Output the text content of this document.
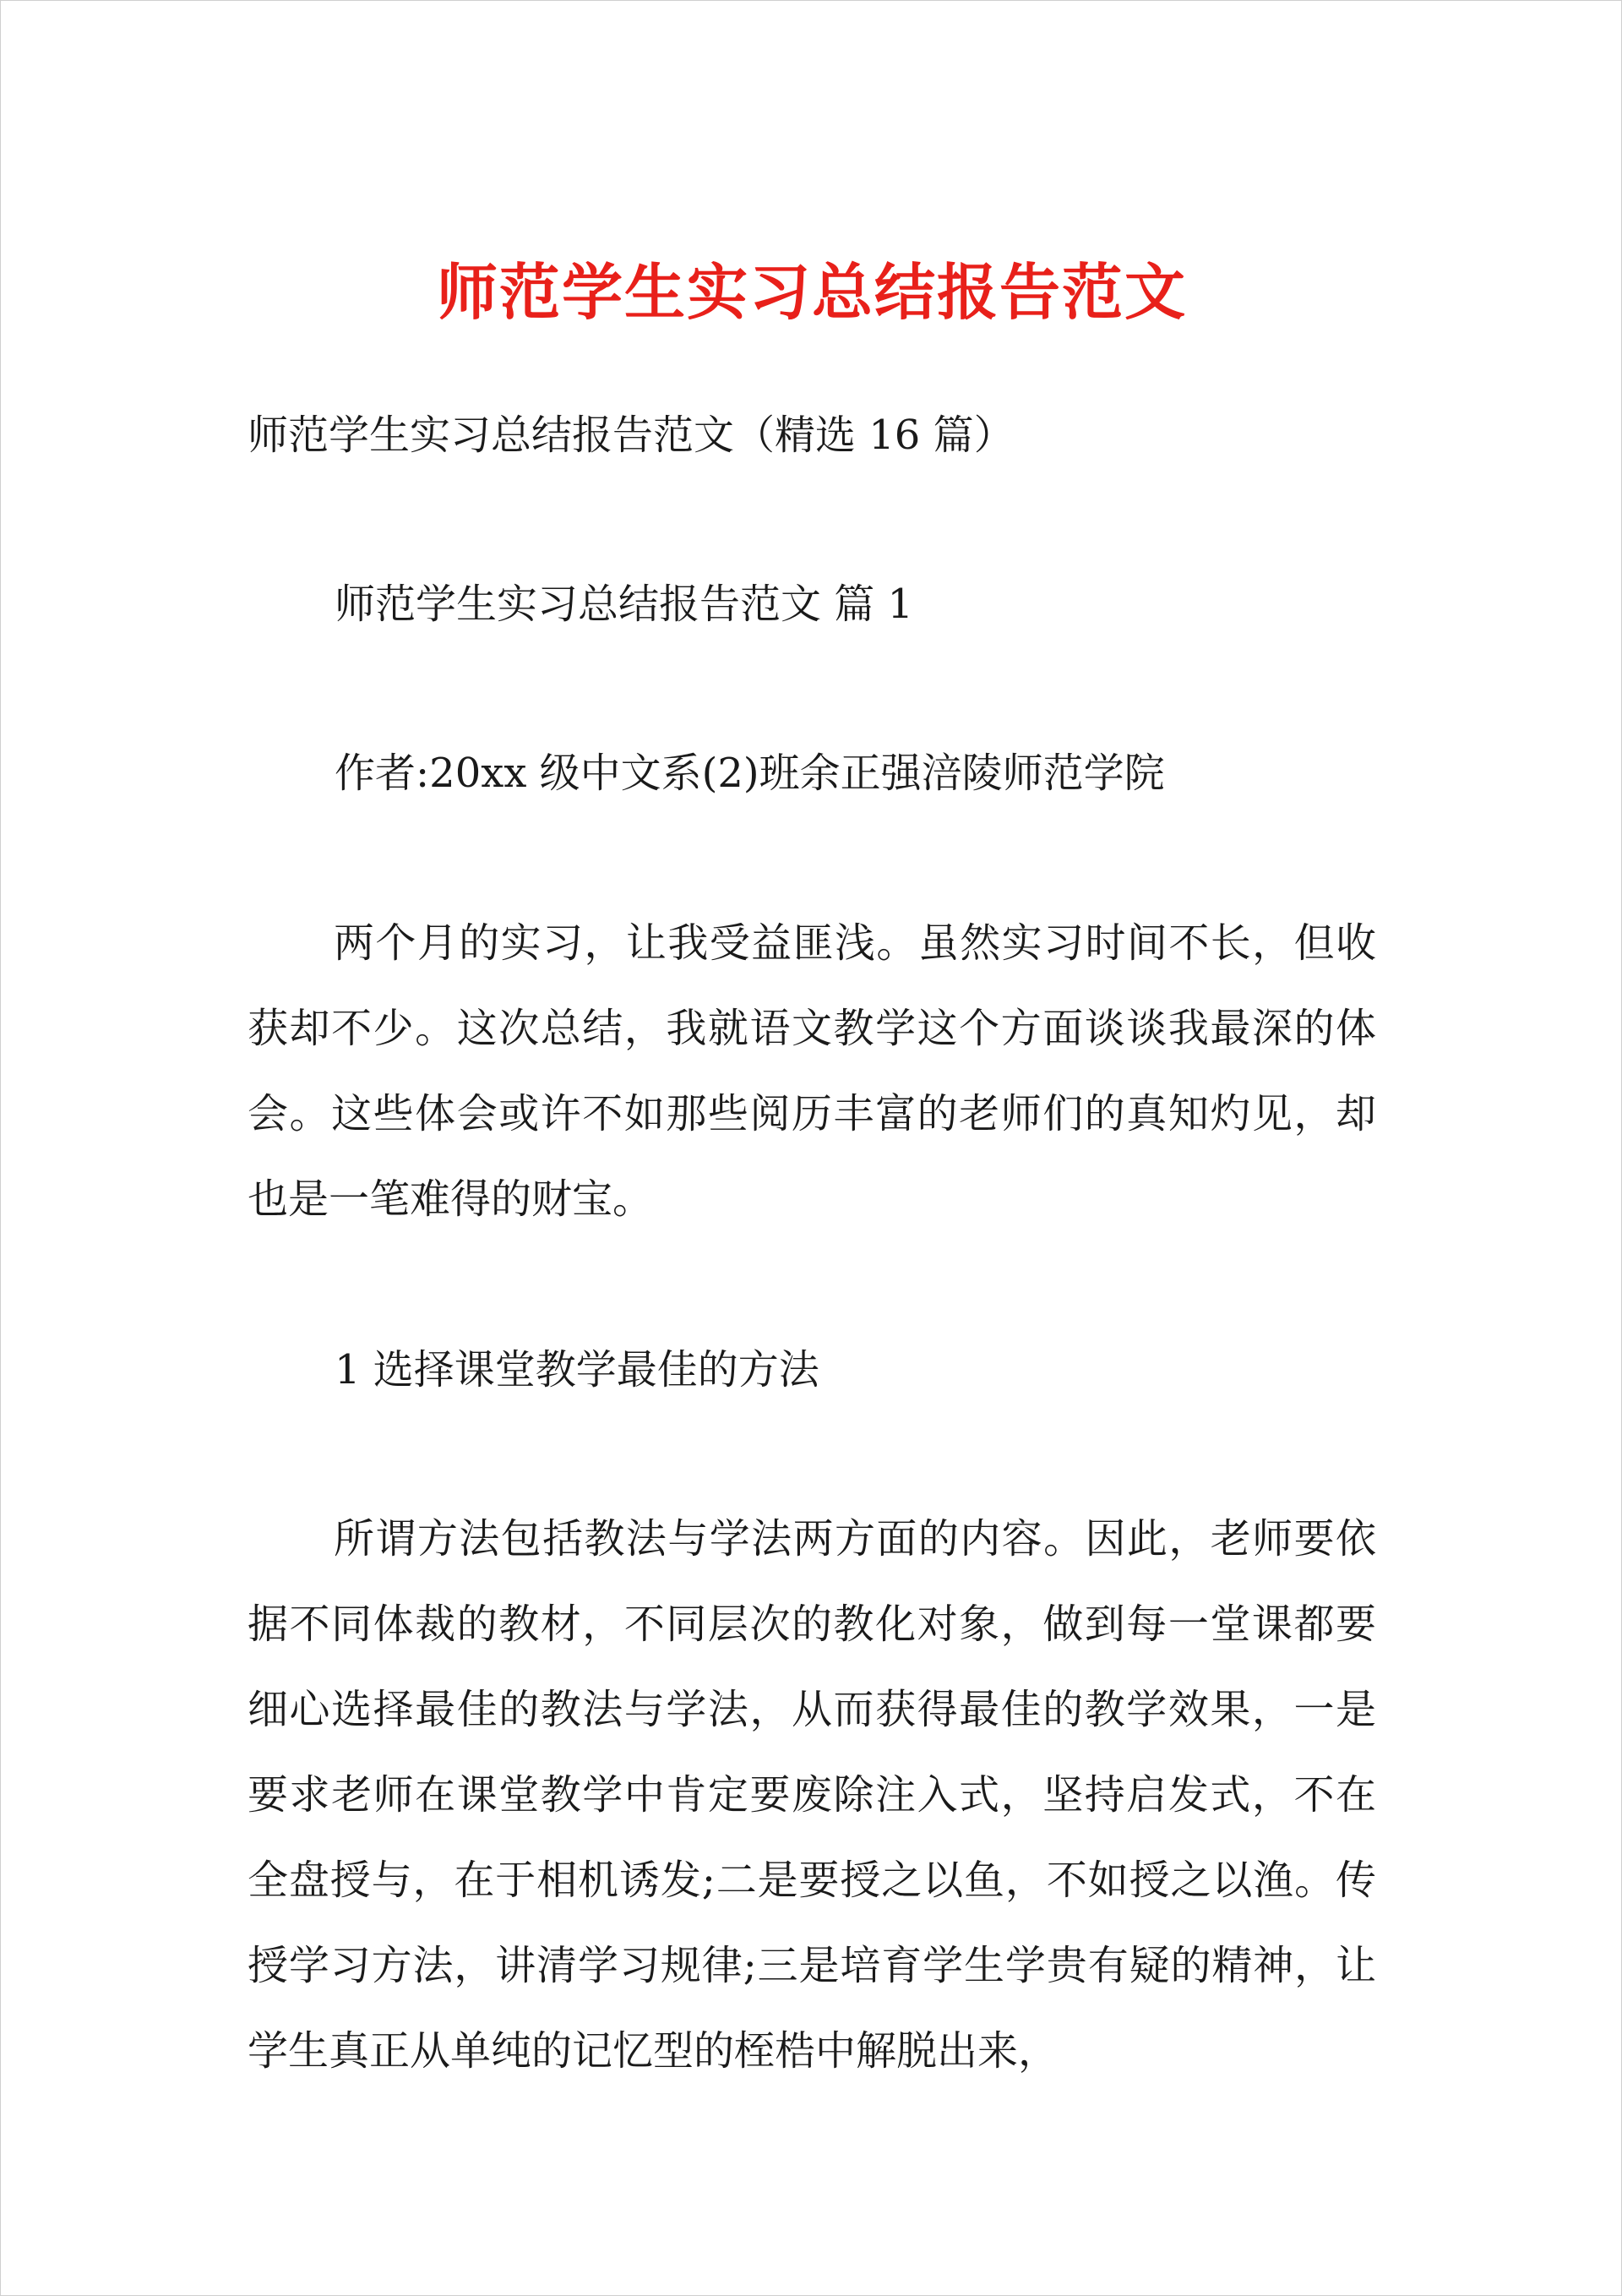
师范学生实习总结报告范文
师范学生实习总结报告范文（精选 16 篇）
师范学生实习总结报告范文 篇 1
作者:20xx 级中文系(2)班余正强涪陵师范学院
两个月的实习，让我受益匪浅。虽然实习时间不长，但收获却不少。这次总结，我就语文教学这个方面谈谈我最深的体会。这些体会或许不如那些阅历丰富的老师们的真知灼见，却也是一笔难得的财宝。
1 选择课堂教学最佳的方法
所谓方法包括教法与学法两方面的内容。因此，老师要依据不同体裁的教材，不同层次的教化对象，做到每一堂课都要细心选择最佳的教法与学法，从而获得最佳的教学效果，一是要求老师在课堂教学中肯定要废除注入式，坚持启发式，不在全盘授与，在于相机诱发;二是要授之以鱼，不如授之以渔。传授学习方法，讲清学习规律;三是培育学生学贵有疑的精神，让学生真正从单纯的记忆型的桎梏中解脱出来，
